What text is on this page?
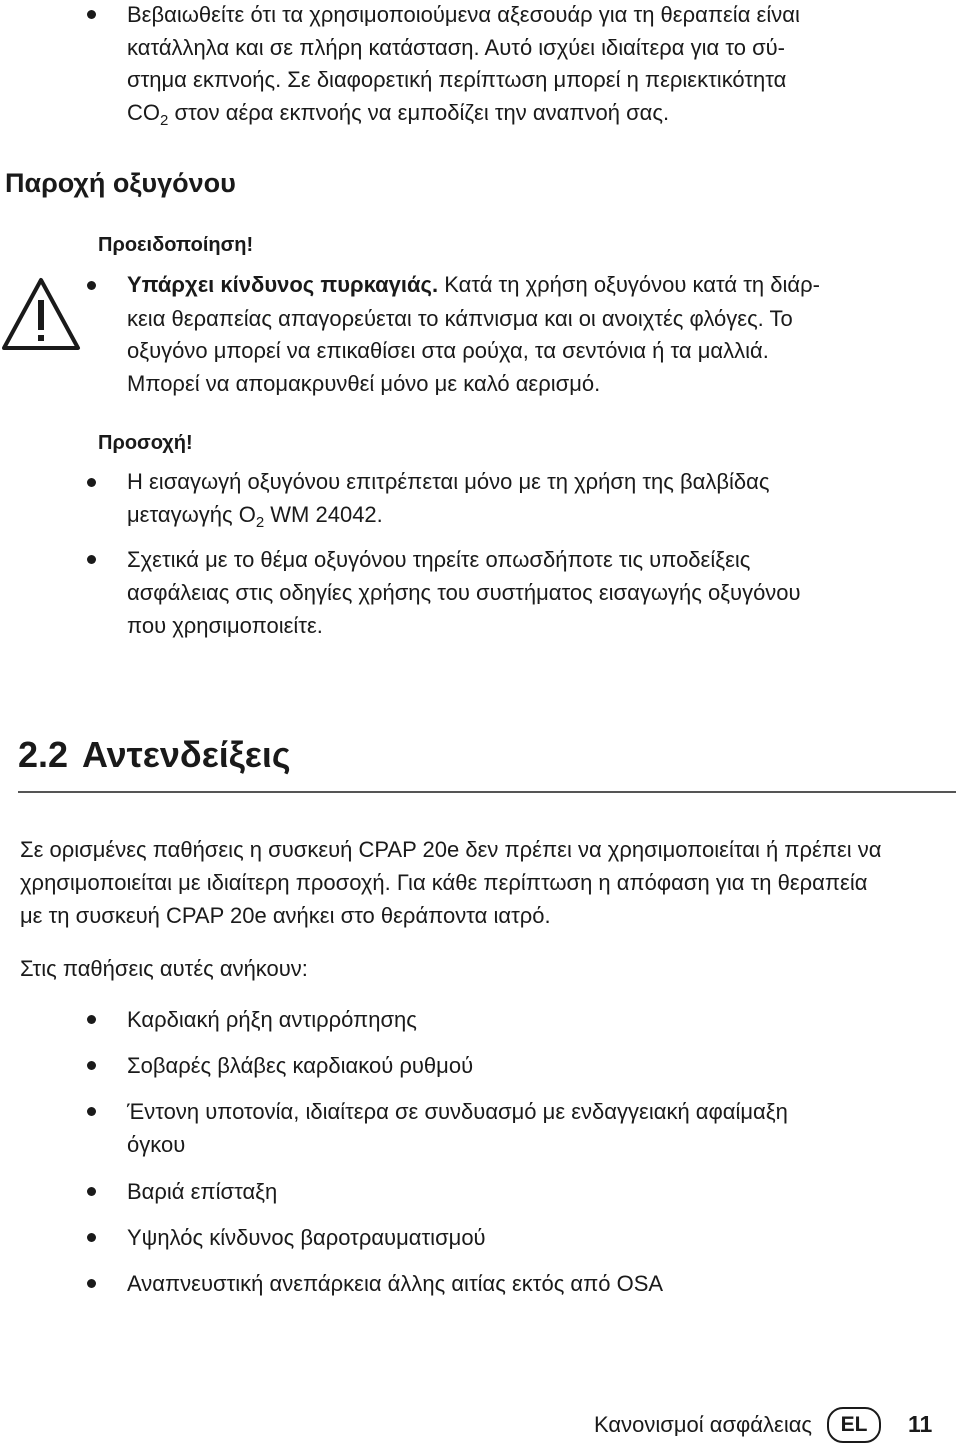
Βεβαιωθείτε ότι τα χρησιμοποιούμενα αξεσουάρ για τη θεραπεία είναι
κατάλληλα και σε πλήρη κατάσταση. Αυτό ισχύει ιδιαίτερα για το σύ-
στημα εκπνοής. Σε διαφορετική περίπτωση μπορεί η περιεκτικότητα
$CO_2$ στον αέρα εκπνοής να εμποδίζει την αναπνοή σας.
Παροχή οξυγόνου
Προειδοποίηση!
Υπάρχει κίνδυνος πυρκαγιάς. Κατά τη χρήση οξυγόνου κατά τη διάρ-
κεια θεραπείας απαγορεύεται το κάπνισμα και οι ανοιχτές φλόγες. Το
οξυγόνο μπορεί να επικαθίσει στα ρούχα, τα σεντόνια ή τα μαλλιά.
Μπορεί να απομακρυνθεί μόνο με καλό αερισμό.
Προσοχή!
Η εισαγωγή οξυγόνου επιτρέπεται μόνο με τη χρήση της βαλβίδας
μεταγωγής $O_2$ WM 24042.
Σχετικά με το θέμα οξυγόνου τηρείτε οπωσδήποτε τις υποδείξεις
ασφάλειας στις οδηγίες χρήσης του συστήματος εισαγωγής οξυγόνου
που χρησιμοποιείτε.
2.2 Αντενδείξεις
Σε ορισμένες παθήσεις η συσκευή CPAP 20e δεν πρέπει να χρησιμοποιείται ή πρέπει να
χρησιμοποιείται με ιδιαίτερη προσοχή. Για κάθε περίπτωση η απόφαση για τη θεραπεία
με τη συσκευή CPAP 20e ανήκει στο θεράποντα ιατρό.
Στις παθήσεις αυτές ανήκουν:
Καρδιακή ρήξη αντιρρόπησης
Σοβαρές βλάβες καρδιακού ρυθμού
Έντονη υποτονία, ιδιαίτερα σε συνδυασμό με ενδαγγειακή αφαίμαξη
όγκου
Βαριά επίσταξη
Υψηλός κίνδυνος βαροτραυματισμού
Αναπνευστική ανεπάρκεια άλλης αιτίας εκτός από OSA
Κανονισμοί ασφάλειας	EL	11
